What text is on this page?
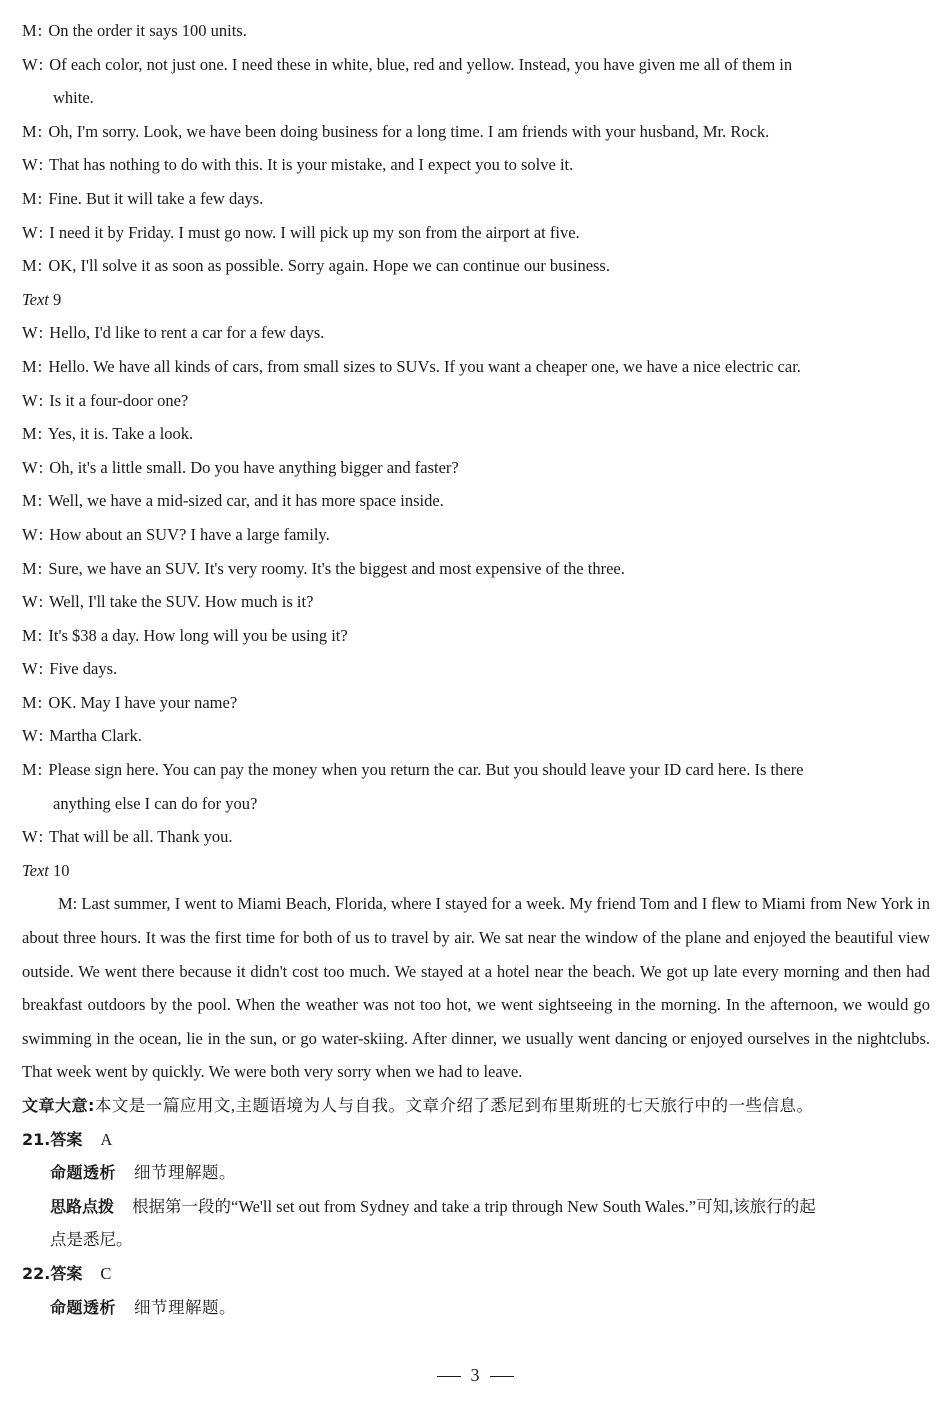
M: On the order it says 100 units.
W: Of each color, not just one. I need these in white, blue, red and yellow. Instead, you have given me all of them in
white.
M: Oh, I'm sorry. Look, we have been doing business for a long time. I am friends with your husband, Mr. Rock.
W: That has nothing to do with this. It is your mistake, and I expect you to solve it.
M: Fine. But it will take a few days.
W: I need it by Friday. I must go now. I will pick up my son from the airport at five.
M: OK, I'll solve it as soon as possible. Sorry again. Hope we can continue our business.
Text 9
W: Hello, I'd like to rent a car for a few days.
M: Hello. We have all kinds of cars, from small sizes to SUVs. If you want a cheaper one, we have a nice electric car.
W: Is it a four-door one?
M: Yes, it is. Take a look.
W: Oh, it's a little small. Do you have anything bigger and faster?
M: Well, we have a mid-sized car, and it has more space inside.
W: How about an SUV? I have a large family.
M: Sure, we have an SUV. It's very roomy. It's the biggest and most expensive of the three.
W: Well, I'll take the SUV. How much is it?
M: It's $38 a day. How long will you be using it?
W: Five days.
M: OK. May I have your name?
W: Martha Clark.
M: Please sign here. You can pay the money when you return the car. But you should leave your ID card here. Is there
anything else I can do for you?
W: That will be all. Thank you.
Text 10
M: Last summer, I went to Miami Beach, Florida, where I stayed for a week. My friend Tom and I flew to Miami from New York in about three hours. It was the first time for both of us to travel by air. We sat near the window of the plane and enjoyed the beautiful view outside. We went there because it didn't cost too much. We stayed at a hotel near the beach. We got up late every morning and then had breakfast outdoors by the pool. When the weather was not too hot, we went sightseeing in the morning. In the afternoon, we would go swimming in the ocean, lie in the sun, or go water-skiing. After dinner, we usually went dancing or enjoyed ourselves in the nightclubs. That week went by quickly. We were both very sorry when we had to leave.
文章大意:本文是一篇应用文,主题语境为人与自我。文章介绍了悉尼到布里斯班的七天旅行中的一些信息。
21.答案 A
命题透析 细节理解题。
思路点拨 根据第一段的“We'll set out from Sydney and take a trip through New South Wales.”可知,该旅行的起
点是悉尼。
22.答案 C
命题透析 细节理解题。
3
